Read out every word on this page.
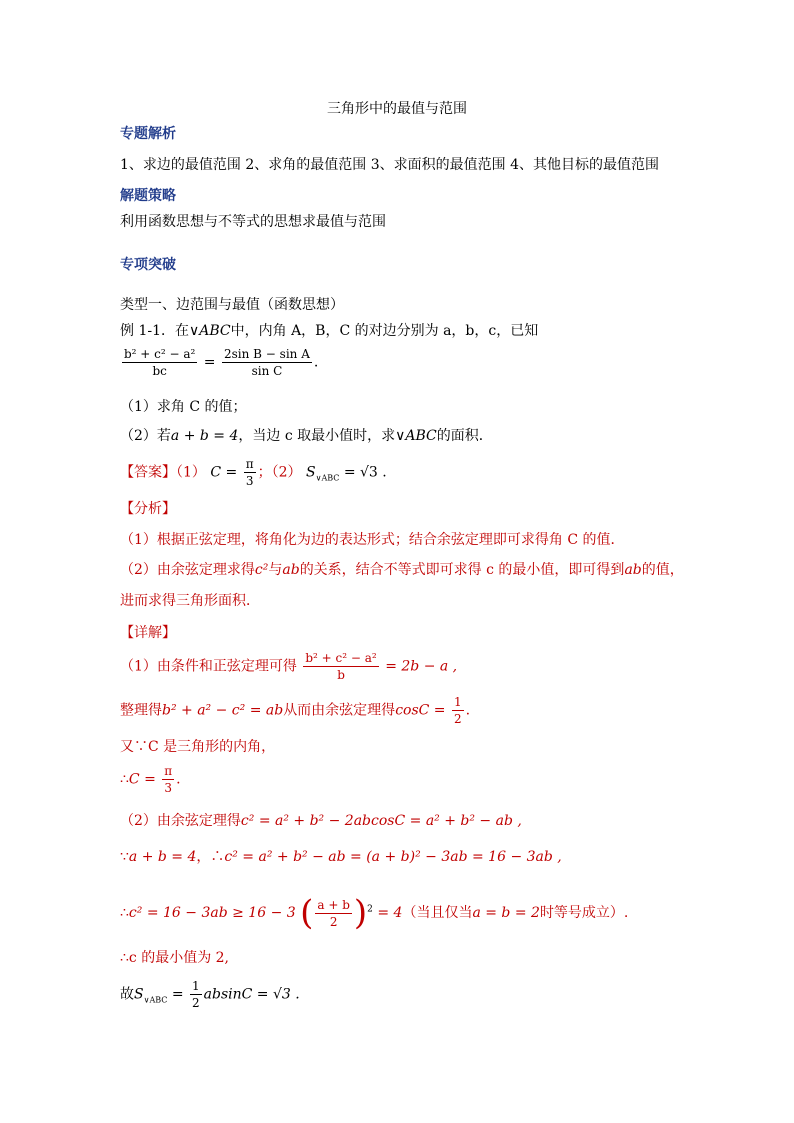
三角形中的最值与范围
专题解析
1、求边的最值范围 2、求角的最值范围 3、求面积的最值范围 4、其他目标的最值范围
解题策略
利用函数思想与不等式的思想求最值与范围
专项突破
类型一、边范围与最值（函数思想）
例 1-1．在∨ABC中，内角 A，B，C 的对边分别为 a，b，c，已知
$\frac{\text{b² + c² − a²}}{bc} = \frac{\text{2sin B − sin A}}{\text{sin C}}$ .
（1）求角 C 的值；
（2）若a + b = 4，当边 c 取最小值时，求∨ABC的面积．
【答案】（1） $C = \frac{\pi}{3}$ ；（2） $S_{\vee ABC} = √3$ .
【分析】
（1）根据正弦定理，将角化为边的表达形式；结合余弦定理即可求得角 C 的值．
（2）由余弦定理求得c²与ab的关系，结合不等式即可求得 c 的最小值，即可得到ab的值，
进而求得三角形面积．
【详解】
（1）由条件和正弦定理可得 $\frac{\text{b² + c² − a²}}{b} = 2b - a$ ,
整理得b² + a² − c² = ab从而由余弦定理得$\cos C = \frac{1}{2}$ .
又∵C 是三角形的内角，
∴C = $\frac{\pi}{3}$ .
（2）由余弦定理得c² = a² + b² − 2abcosC = a² + b² − ab ,
∵a + b = 4，∴c² = a² + b² − ab = (a + b)² − 3ab = 16 − 3ab ,
∴c² = 16 − 3ab ≥ 16 − 3 ( $\frac{a + b}{2} )^2 = 4$（当且仅当a = b = 2时等号成立）.
∴c 的最小值为 2,
故$S_{\vee ABC} = \frac{1}{2}$ absinC = √3 .
